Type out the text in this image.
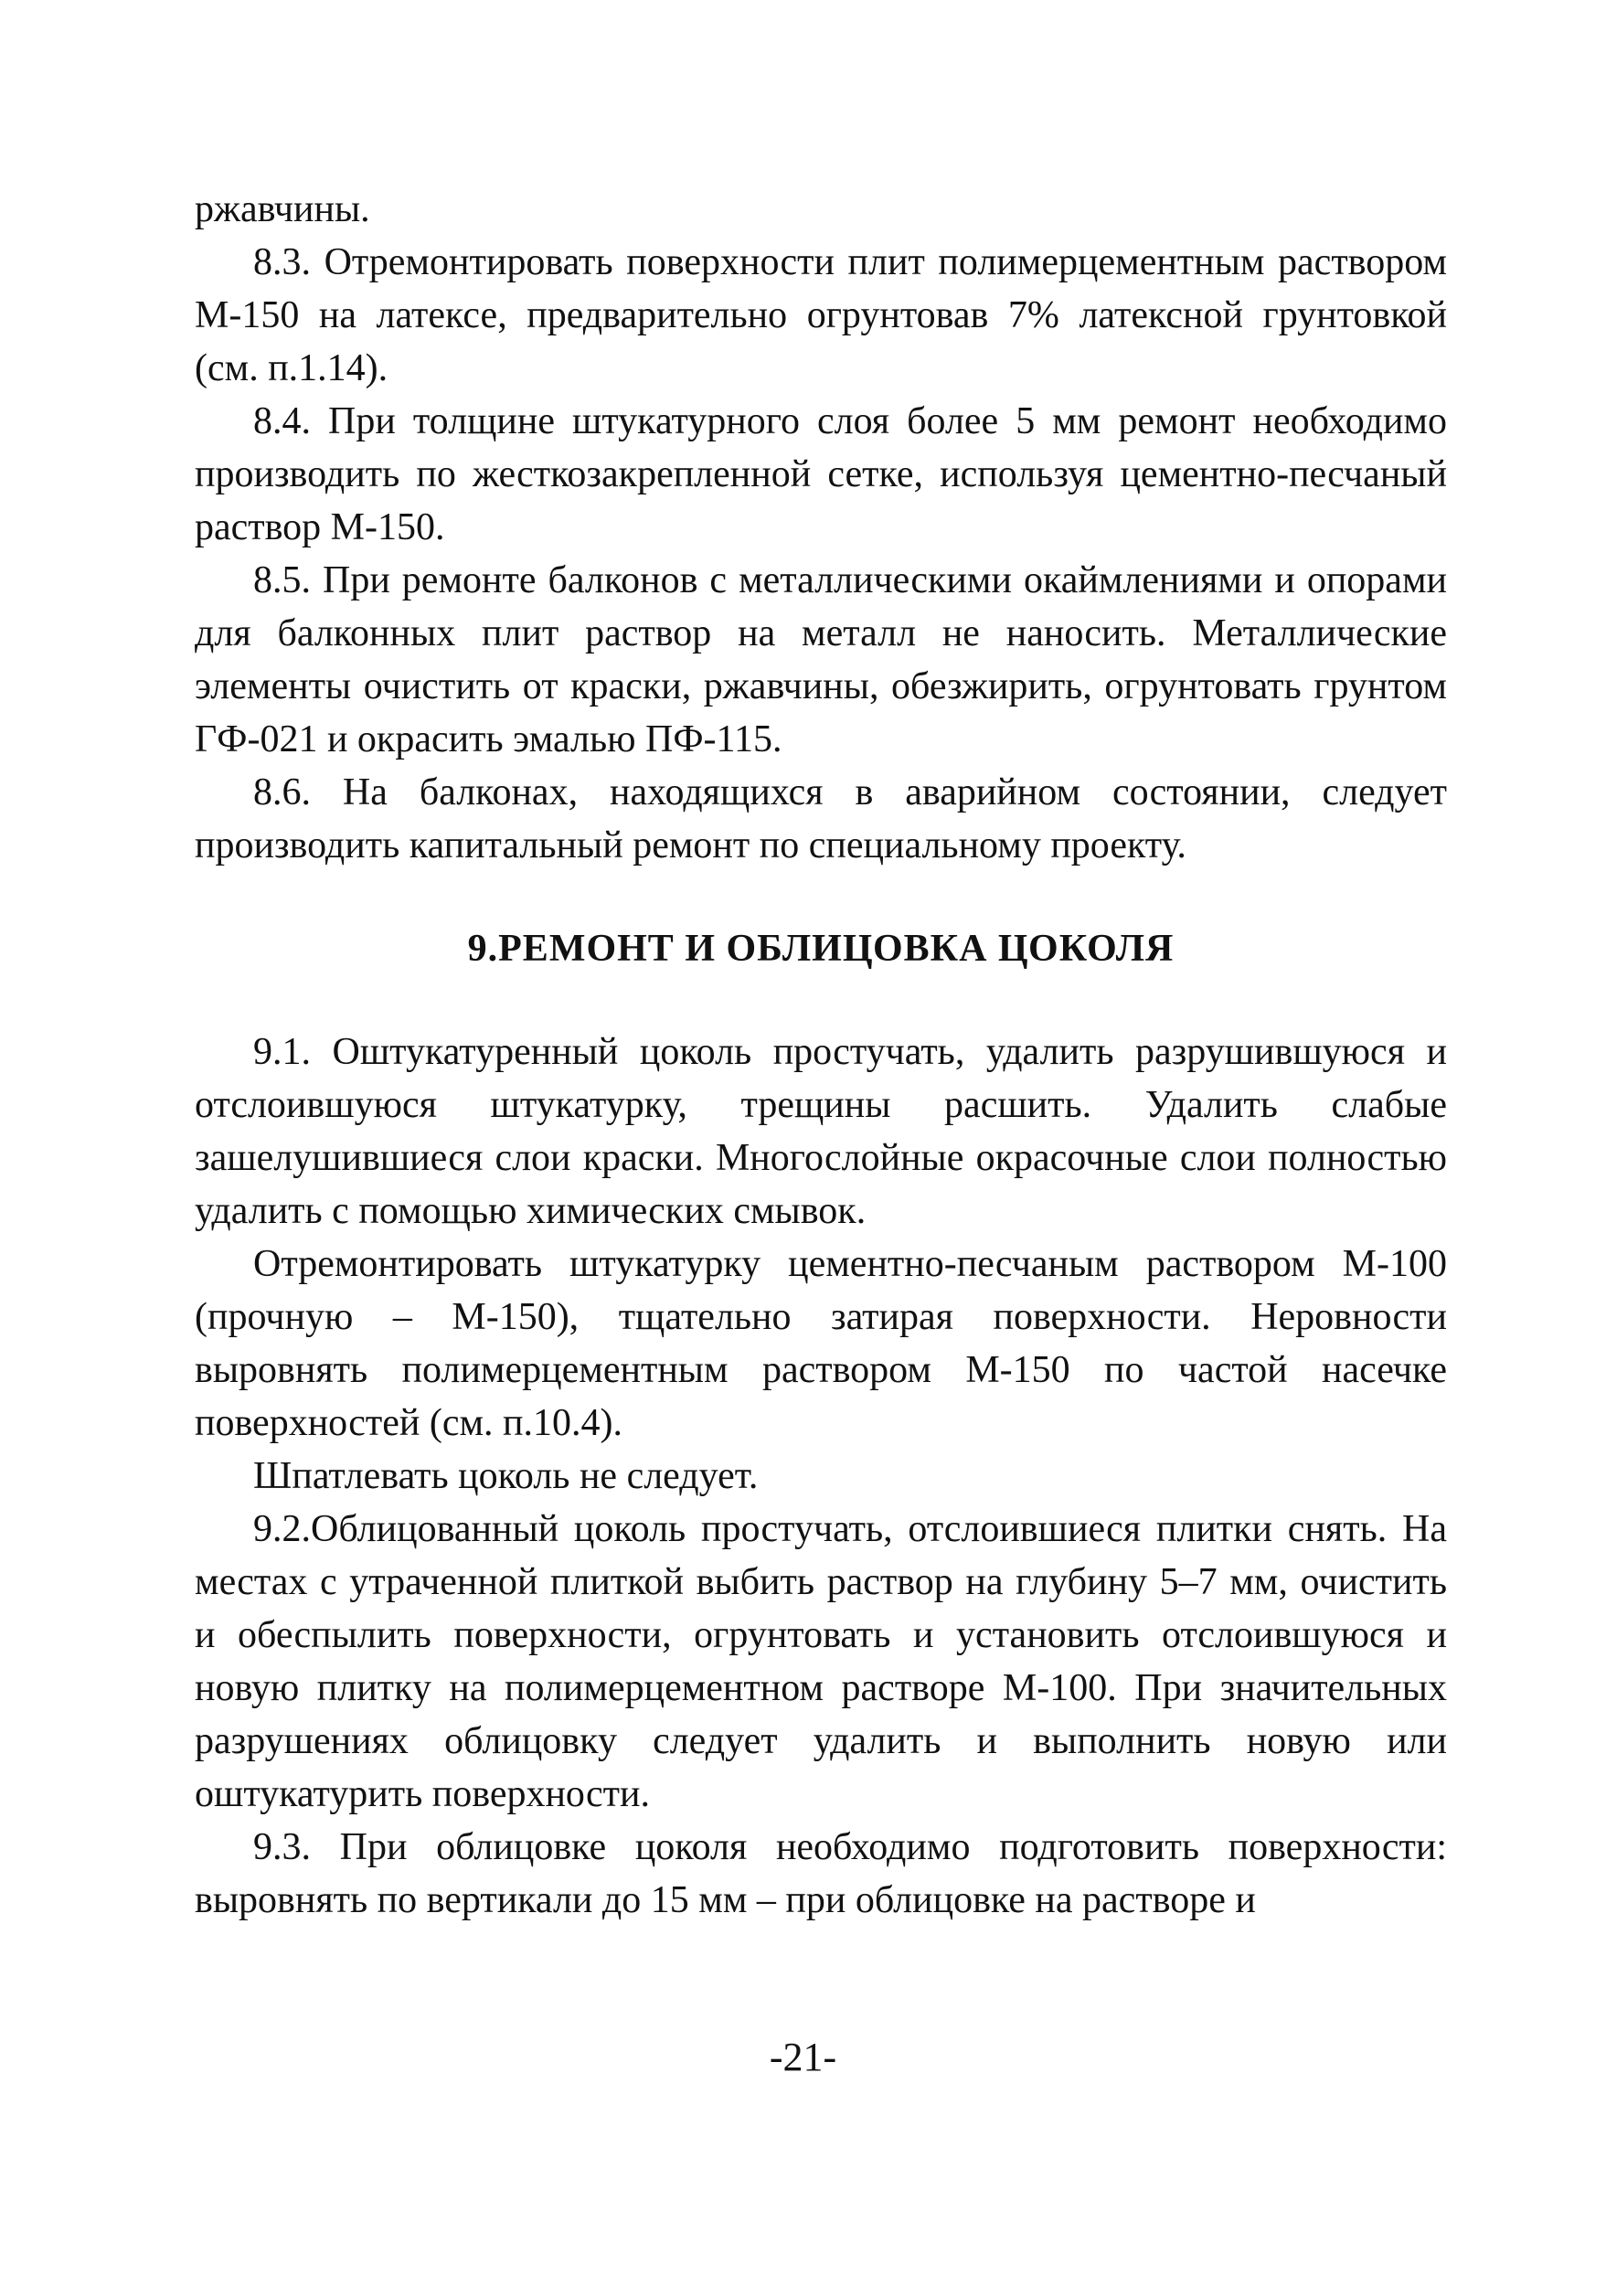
ржавчины.

8.3. Отремонтировать поверхности плит полимерцементным раствором М-150 на латексе, предварительно огрунтовав 7% латексной грунтовкой (см. п.1.14).

8.4. При толщине штукатурного слоя более 5 мм ремонт необходимо производить по жесткозакрепленной сетке, используя цементно-песчаный раствор М-150.

8.5. При ремонте балконов с металлическими окаймлениями и опорами для балконных плит раствор на металл не наносить. Металлические элементы очистить от краски, ржавчины, обезжирить, огрунтовать грунтом ГФ-021 и окрасить эмалью ПФ-115.

8.6. На балконах, находящихся в аварийном состоянии, следует производить капитальный ремонт по специальному проекту.

9.РЕМОНТ И ОБЛИЦОВКА ЦОКОЛЯ

9.1. Оштукатуренный цоколь простучать, удалить разрушившуюся и отслоившуюся штукатурку, трещины расшить. Удалить слабые зашелушившиеся слои краски. Многослойные окрасочные слои полностью удалить с помощью химических смывок.

Отремонтировать штукатурку цементно-песчаным раствором М-100 (прочную – М-150), тщательно затирая поверхности. Неровности выровнять полимерцементным раствором М-150 по частой насечке поверхностей (см. п.10.4).

Шпатлевать цоколь не следует.

9.2.Облицованный цоколь простучать, отслоившиеся плитки снять. На местах с утраченной плиткой выбить раствор на глубину 5–7 мм, очистить и обеспылить поверхности, огрунтовать и установить отслоившуюся и новую плитку на полимерцементном растворе М-100. При значительных разрушениях облицовку следует удалить и выполнить новую или оштукатурить поверхности.

9.3. При облицовке цоколя необходимо подготовить поверхности: выровнять по вертикали до 15 мм – при облицовке на растворе и

-21-
